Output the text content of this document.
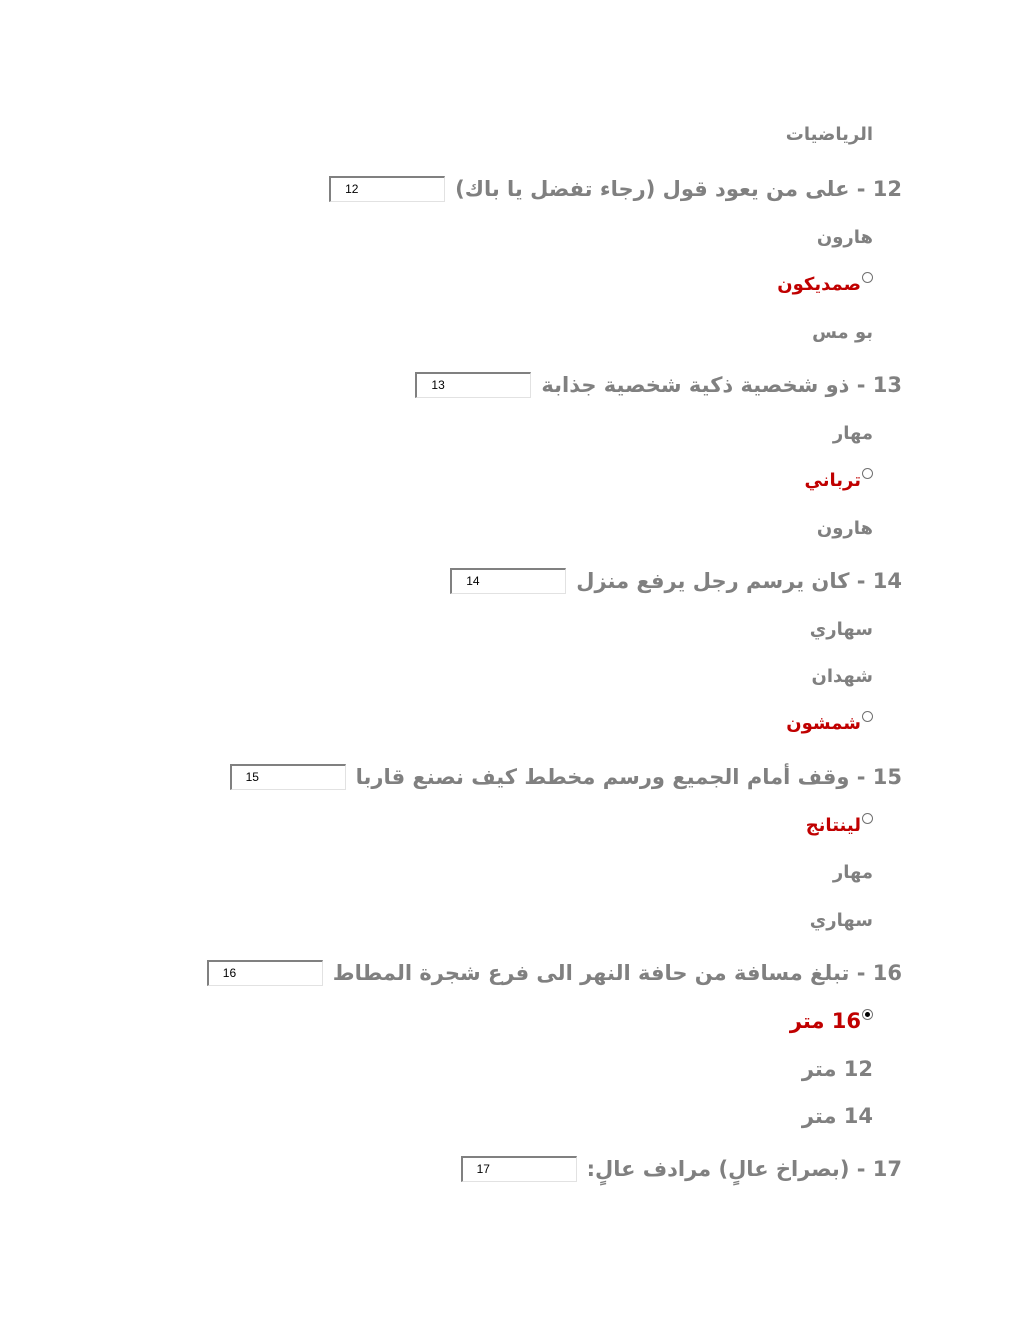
الرياضيات
12 - على من يعود قول (رجاء تفضل يا باك)
12
هارون
صمديكون
بو مس
13 - ذو شخصية ذكية شخصية جذابة
13
مهار
ترباني
هارون
14 - كان يرسم رجل يرفع منزل
14
سهاري
شهدان
شمشون
15 - وقف أمام الجميع ورسم مخطط كيف نصنع قاربا
15
لينتانج
مهار
سهاري
16 - تبلغ مسافة من حافة النهر الى فرع شجرة المطاط
16
16 متر
12 متر
14 متر
17 - (بصراخ عالٍ) مرادف عالٍ:
17
